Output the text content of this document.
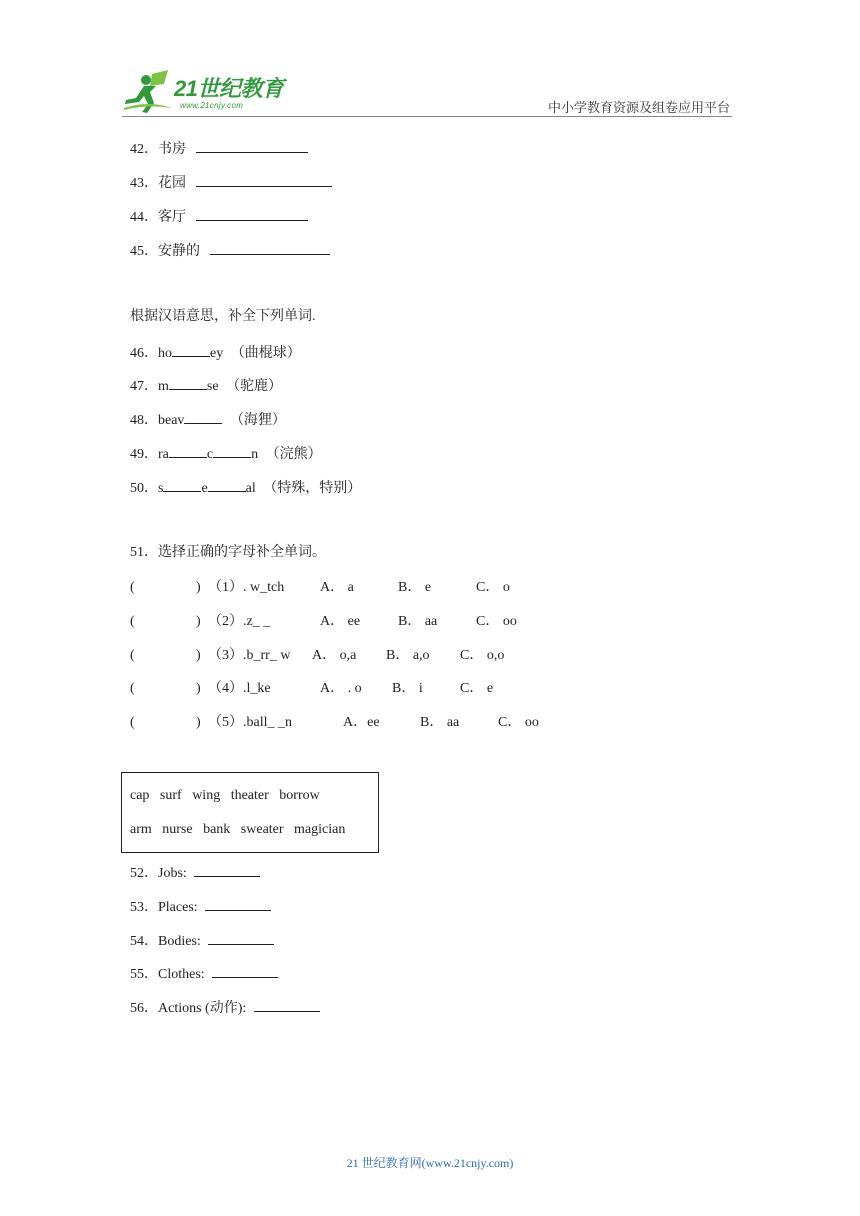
21世纪教育
www.21cnjy.com	中小学教育资源及组卷应用平台
42．书房
43．花园
44．客厅
45．安静的
根据汉语意思，补全下列单词.
46．ho	ey （曲棍球）
47．m	se （驼鹿）
48．beav	（海狸）
49．ra	c	n （浣熊）
50．s	e	al （特殊，特别）
51．选择正确的字母补全单词。
(	) （1）. w_tch	A． a	B． e	C． o
(	) （2）.z_ _	A． ee	B． aa	C． oo
(	) （3）.b_rr_ w A． o,a B． a,o C． o,o
(	) （4）.l_ke	A． . o B． i	C． e
(	) （5）.ball_ _n	A．ee	B． aa	C． oo
cap surf wing theater borrow
arm nurse bank sweater magician
52．Jobs:
53．Places:
54．Bodies:
55．Clothes:
56．Actions (动作):
21 世纪教育网(www.21cnjy.com)
